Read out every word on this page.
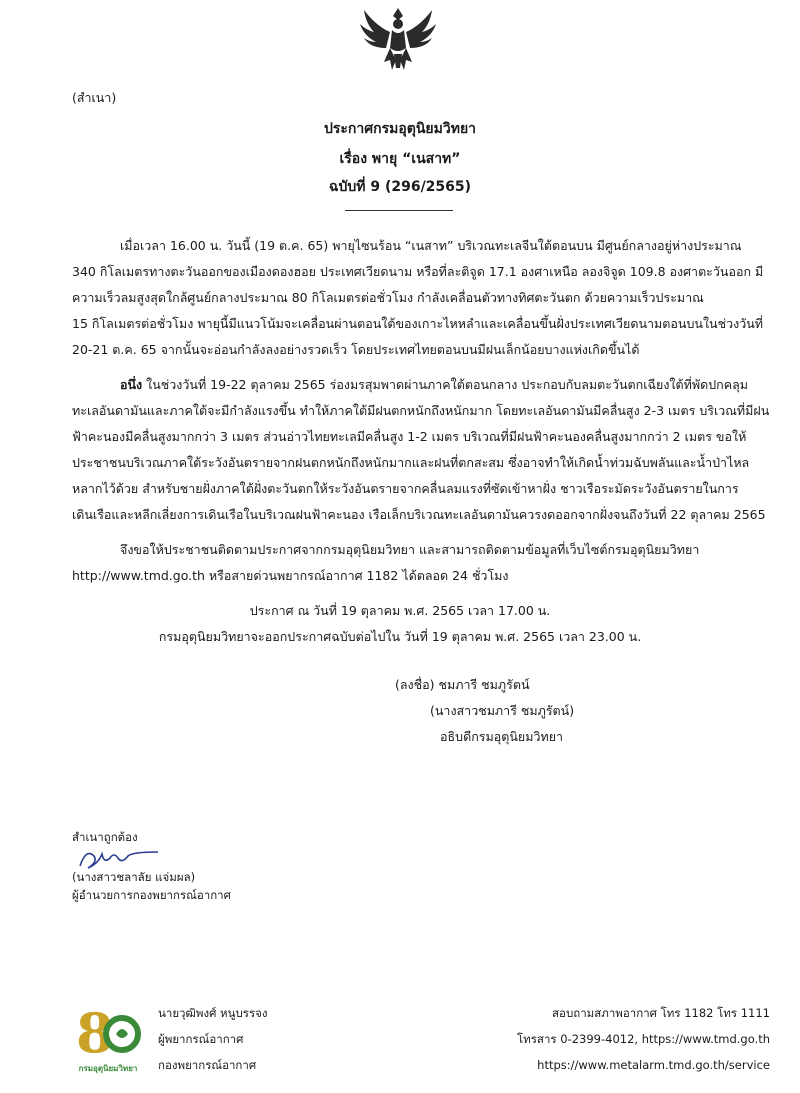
(สำเนา)
ประกาศกรมอุตุนิยมวิทยา
เรื่อง พายุ “เนสาท”
ฉบับที่ 9 (296/2565)
เมื่อเวลา 16.00 น. วันนี้ (19 ต.ค. 65) พายุไซนร้อน “เนสาท” บริเวณทะเลจีนใต้ตอนบน มีศูนย์กลางอยู่ห่างประมาณ
340 กิโลเมตรทางตะวันออกของเมืองดองฮอย ประเทศเวียดนาม หรือที่ละติจูด 17.1 องศาเหนือ ลองจิจูด 109.8 องศาตะวันออก มี
ความเร็วลมสูงสุดใกล้ศูนย์กลางประมาณ 80 กิโลเมตรต่อชั่วโมง กำลังเคลื่อนตัวทางทิศตะวันตก ด้วยความเร็วประมาณ
15 กิโลเมตรต่อชั่วโมง พายุนี้มีแนวโน้มจะเคลื่อนผ่านตอนใต้ของเกาะไหหลำและเคลื่อนขึ้นฝั่งประเทศเวียดนามตอนบนในช่วงวันที่
20-21 ต.ค. 65 จากนั้นจะอ่อนกำลังลงอย่างรวดเร็ว โดยประเทศไทยตอนบนมีฝนเล็กน้อยบางแห่งเกิดขึ้นได้
อนึ่ง ในช่วงวันที่ 19-22 ตุลาคม 2565 ร่องมรสุมพาดผ่านภาคใต้ตอนกลาง ประกอบกับลมตะวันตกเฉียงใต้ที่พัดปกคลุม
ทะเลอันดามันและภาคใต้จะมีกำลังแรงขึ้น ทำให้ภาคใต้มีฝนตกหนักถึงหนักมาก โดยทะเลอันดามันมีคลื่นสูง 2-3 เมตร บริเวณที่มีฝน
ฟ้าคะนองมีคลื่นสูงมากกว่า 3 เมตร ส่วนอ่าวไทยทะเลมีคลื่นสูง 1-2 เมตร บริเวณที่มีฝนฟ้าคะนองคลื่นสูงมากกว่า 2 เมตร ขอให้
ประชาชนบริเวณภาคใต้ระวังอันตรายจากฝนตกหนักถึงหนักมากและฝนที่ตกสะสม ซึ่งอาจทำให้เกิดน้ำท่วมฉับพลันและน้ำป่าไหล
หลากไว้ด้วย สำหรับชายฝั่งภาคใต้ฝั่งตะวันตกให้ระวังอันตรายจากคลื่นลมแรงที่ซัดเข้าหาฝั่ง ชาวเรือระมัดระวังอันตรายในการ
เดินเรือและหลีกเลี่ยงการเดินเรือในบริเวณฝนฟ้าคะนอง เรือเล็กบริเวณทะเลอันดามันควรงดออกจากฝั่งจนถึงวันที่ 22 ตุลาคม 2565
จึงขอให้ประชาชนติดตามประกาศจากกรมอุตุนิยมวิทยา และสามารถติดตามข้อมูลที่เว็บไซต์กรมอุตุนิยมวิทยา
http://www.tmd.go.th หรือสายด่วนพยากรณ์อากาศ 1182 ได้ตลอด 24 ชั่วโมง
ประกาศ ณ วันที่ 19 ตุลาคม พ.ศ. 2565 เวลา 17.00 น.
กรมอุตุนิยมวิทยาจะออกประกาศฉบับต่อไปใน วันที่ 19 ตุลาคม พ.ศ. 2565 เวลา 23.00 น.
(ลงชื่อ) ชมภารี ชมภูรัตน์
(นางสาวชมภารี ชมภูรัตน์)
อธิบดีกรมอุตุนิยมวิทยา
สำเนาถูกต้อง
(นางสาวชลาลัย แจ่มผล)
ผู้อำนวยการกองพยากรณ์อากาศ
8
กรมอุตุนิยมวิทยา
นายวุฒิพงศ์ หนูบรรจง
ผู้พยากรณ์อากาศ
กองพยากรณ์อากาศ
สอบถามสภาพอากาศ โทร 1182 โทร 1111
โทรสาร 0-2399-4012, https://www.tmd.go.th
https://www.metalarm.tmd.go.th/service
